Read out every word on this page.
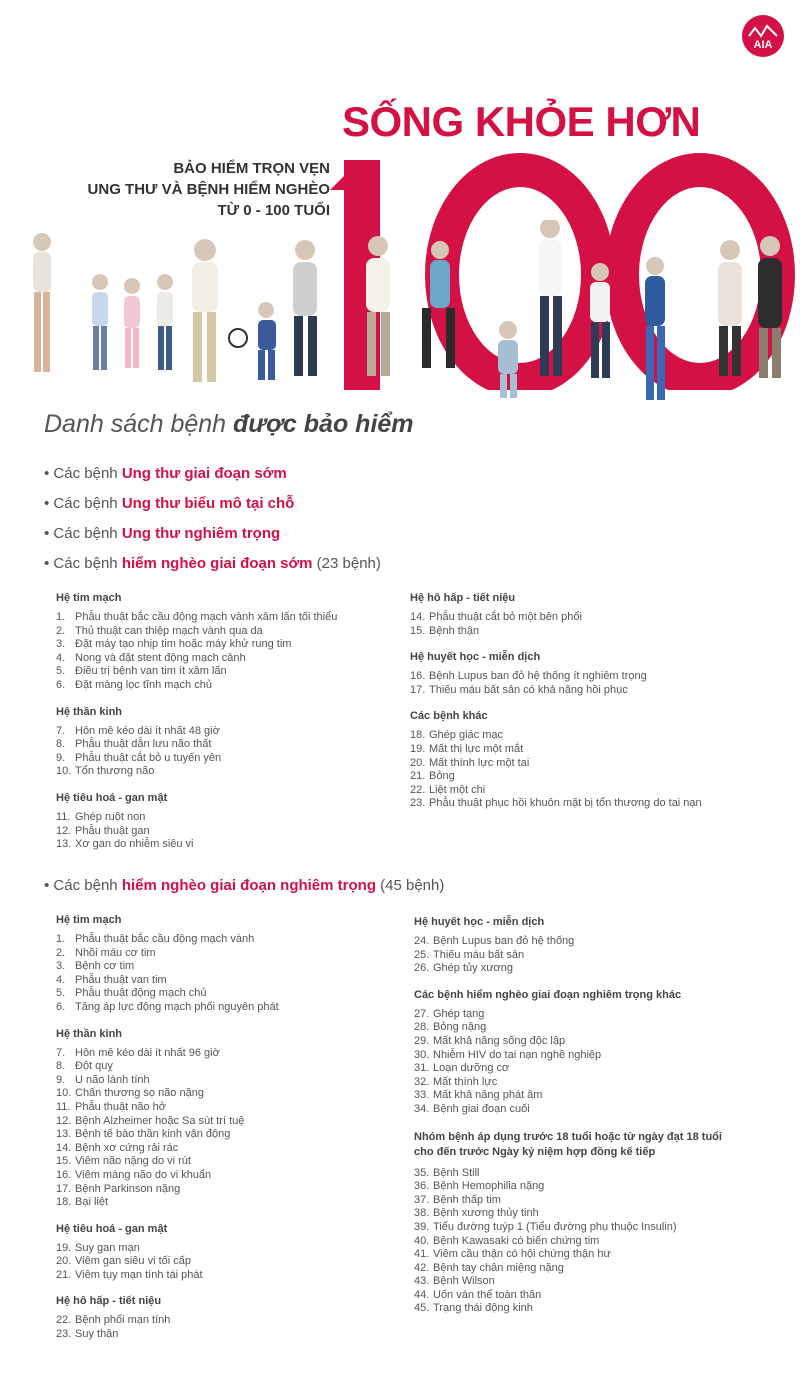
AIA
SỐNG KHỎE HƠN
BẢO HIỂM TRỌN VẸN
UNG THƯ VÀ BỆNH HIỂM NGHÈO
TỪ 0 - 100 TUỔI
Danh sách bệnh được bảo hiểm
• Các bệnh Ung thư giai đoạn sớm
• Các bệnh Ung thư biểu mô tại chỗ
• Các bệnh Ung thư nghiêm trọng
• Các bệnh hiểm nghèo giai đoạn sớm (23 bệnh)
Hệ tim mạch
1. Phẫu thuật bắc cầu động mạch vành xâm lấn tối thiểu
2. Thủ thuật can thiệp mạch vành qua da
3. Đặt máy tạo nhịp tim hoặc máy khử rung tim
4. Nong và đặt stent động mạch cảnh
5. Điều trị bệnh van tim ít xâm lấn
6. Đặt màng lọc tĩnh mạch chủ
Hệ thần kinh
7. Hôn mê kéo dài ít nhất 48 giờ
8. Phẫu thuật dẫn lưu não thất
9. Phẫu thuật cắt bỏ u tuyến yên
10. Tổn thương não
Hệ tiêu hoá - gan mật
11. Ghép ruột non
12. Phẫu thuật gan
13. Xơ gan do nhiễm siêu vi
Hệ hô hấp - tiết niệu
14. Phẫu thuật cắt bỏ một bên phổi
15. Bệnh thận
Hệ huyết học - miễn dịch
16. Bệnh Lupus ban đỏ hệ thống ít nghiêm trọng
17. Thiếu máu bất sản có khả năng hồi phục
Các bệnh khác
18. Ghép giác mạc
19. Mất thị lực một mắt
20. Mất thính lực một tai
21. Bỏng
22. Liệt một chi
23. Phẫu thuật phục hồi khuôn mặt bị tổn thương do tai nạn
• Các bệnh hiểm nghèo giai đoạn nghiêm trọng (45 bệnh)
Hệ tim mạch
1. Phẫu thuật bắc cầu động mạch vành
2. Nhồi máu cơ tim
3. Bệnh cơ tim
4. Phẫu thuật van tim
5. Phẫu thuật động mạch chủ
6. Tăng áp lực động mạch phổi nguyên phát
Hệ thần kinh
7. Hôn mê kéo dài ít nhất 96 giờ
8. Đột quỵ
9. U não lành tính
10. Chấn thương sọ não nặng
11. Phẫu thuật não hở
12. Bệnh Alzheimer hoặc Sa sút trí tuệ
13. Bệnh tế bào thần kinh vận động
14. Bệnh xơ cứng rải rác
15. Viêm não nặng do vi rút
16. Viêm màng não do vi khuẩn
17. Bệnh Parkinson nặng
18. Bại liệt
Hệ tiêu hoá - gan mật
19. Suy gan mạn
20. Viêm gan siêu vi tối cấp
21. Viêm tụy mạn tính tái phát
Hệ hô hấp - tiết niệu
22. Bệnh phổi mạn tính
23. Suy thận
Hệ huyết học - miễn dịch
24. Bệnh Lupus ban đỏ hệ thống
25. Thiếu máu bất sản
26. Ghép tủy xương
Các bệnh hiểm nghèo giai đoạn nghiêm trọng khác
27. Ghép tạng
28. Bỏng nặng
29. Mất khả năng sống độc lập
30. Nhiễm HIV do tai nạn nghề nghiệp
31. Loạn dưỡng cơ
32. Mất thính lực
33. Mất khả năng phát âm
34. Bệnh giai đoạn cuối
Nhóm bệnh áp dụng trước 18 tuổi hoặc từ ngày đạt 18 tuổi cho đến trước Ngày kỷ niệm hợp đồng kế tiếp
35. Bệnh Still
36. Bệnh Hemophilia nặng
37. Bệnh thấp tim
38. Bệnh xương thủy tinh
39. Tiểu đường tuýp 1 (Tiểu đường phụ thuộc Insulin)
40. Bệnh Kawasaki có biến chứng tim
41. Viêm cầu thận có hội chứng thận hư
42. Bệnh tay chân miệng nặng
43. Bệnh Wilson
44. Uốn ván thể toàn thân
45. Trạng thái động kinh
